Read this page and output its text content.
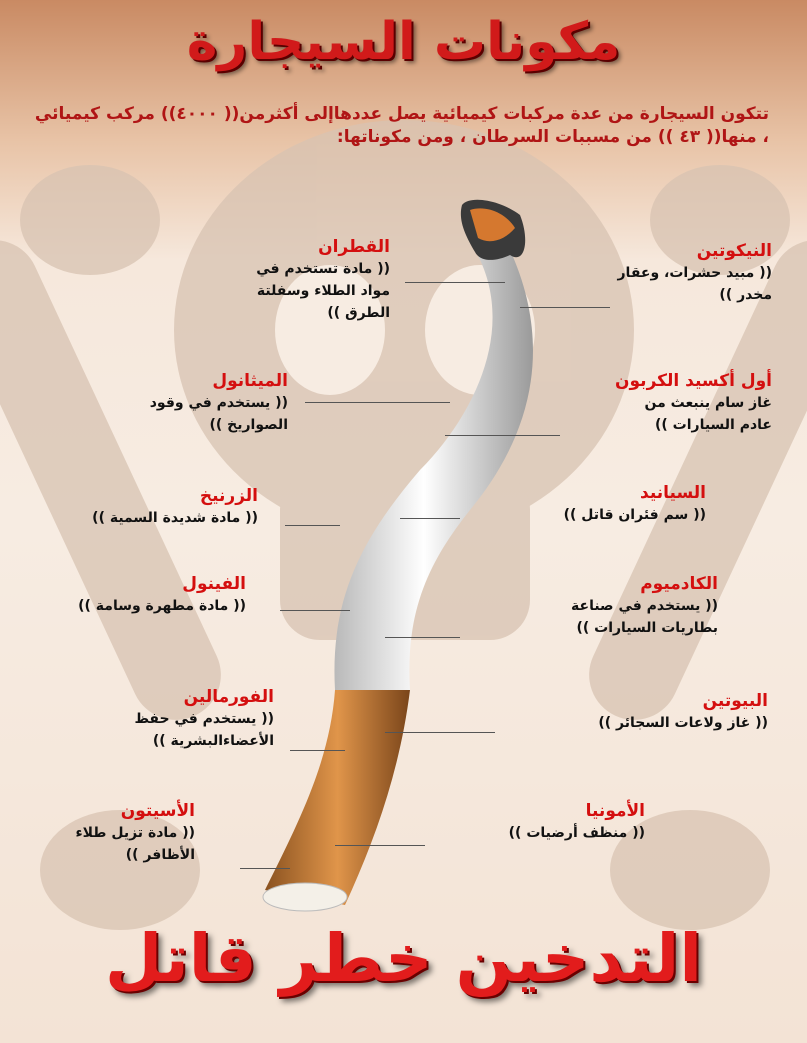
مكونات السيجارة
تتكون السيجارة من عدة مركبات كيميائية يصل عددهاإلى أكثرمن(( ٤٠٠٠)) مركب كيميائي ، منها(( ٤٣ )) من مسببات السرطان ، ومن مكوناتها:
القطران
(( مادة تستخدم في
مواد الطلاء وسفلتة
الطرق ))
الميثانول
(( يستخدم في وقود
الصواريخ ))
الزرنيخ
(( مادة شديدة السمية ))
الفينول
(( مادة مطهرة وسامة ))
الفورمالين
(( يستخدم في حفظ
الأعضاءالبشرية ))
الأسيتون
(( مادة تزيل طلاء
الأظافر ))
النيكوتين
(( مبيد حشرات، وعقار
مخدر ))
أول أكسيد الكربون
غاز سام ينبعث من
عادم السيارات ))
السيانيد
(( سم فئران قاتل ))
الكادميوم
(( يستخدم في صناعة
بطاريات السيارات ))
البيوتين
(( غاز ولاعات السجائر ))
الأمونيا
(( منظف أرضيات ))
التدخين خطر قاتل
